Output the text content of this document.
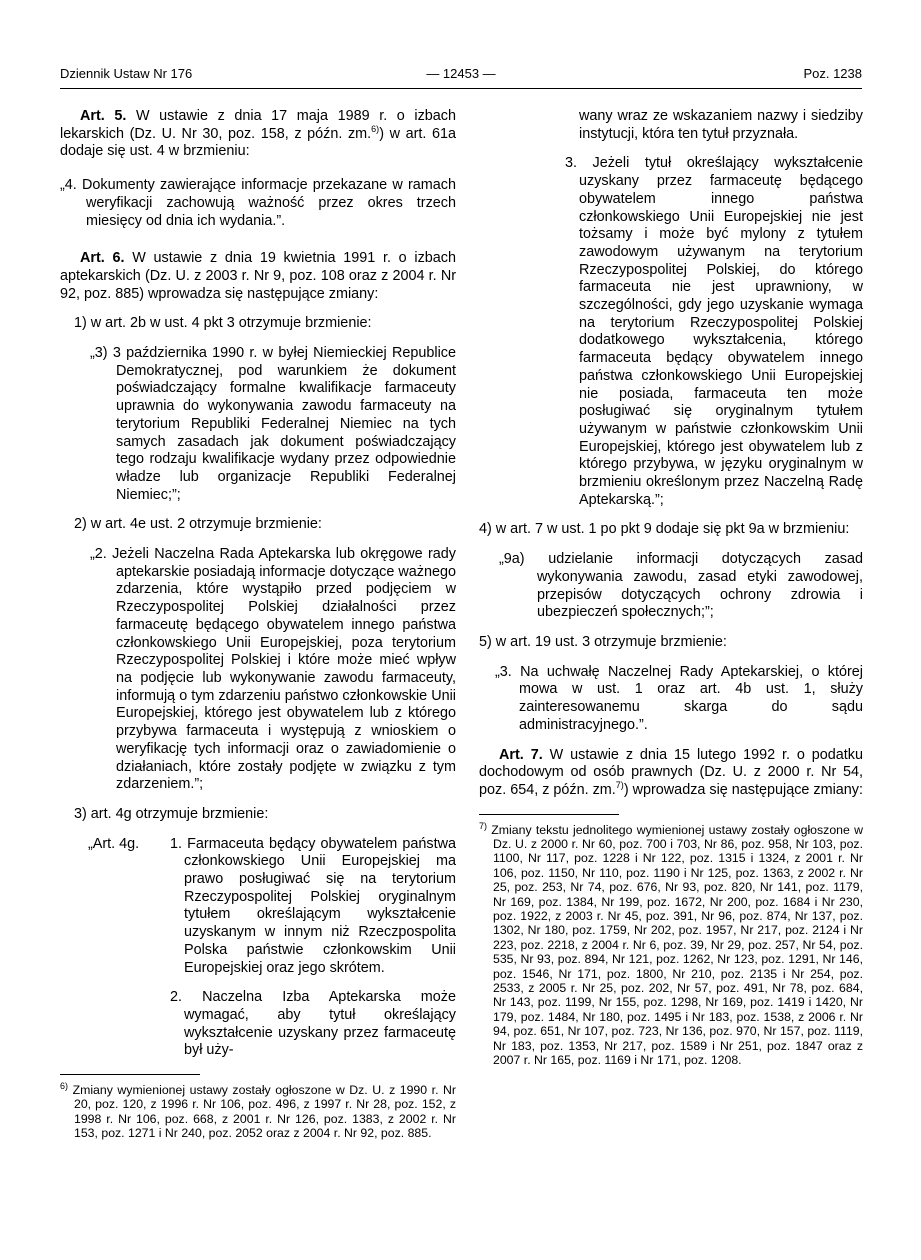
Dziennik Ustaw Nr 176	— 12453 —	Poz. 1238

Art. 5. W ustawie z dnia 17 maja 1989 r. o izbach lekarskich (Dz. U. Nr 30, poz. 158, z późn. zm.$^{6)}$) w art. 61a dodaje się ust. 4 w brzmieniu:

„4. Dokumenty zawierające informacje przekazane w ramach weryfikacji zachowują ważność przez okres trzech miesięcy od dnia ich wydania.”.

Art. 6. W ustawie z dnia 19 kwietnia 1991 r. o izbach aptekarskich (Dz. U. z 2003 r. Nr 9, poz. 108 oraz z 2004 r. Nr 92, poz. 885) wprowadza się następujące zmiany:

1) w art. 2b w ust. 4 pkt 3 otrzymuje brzmienie:

„3) 3 października 1990 r. w byłej Niemieckiej Republice Demokratycznej, pod warunkiem że dokument poświadczający formalne kwalifikacje farmaceuty uprawnia do wykonywania zawodu farmaceuty na terytorium Republiki Federalnej Niemiec na tych samych zasadach jak dokument poświadczający tego rodzaju kwalifikacje wydany przez odpowiednie władze lub organizacje Republiki Federalnej Niemiec;”;

2) w art. 4e ust. 2 otrzymuje brzmienie:

„2. Jeżeli Naczelna Rada Aptekarska lub okręgowe rady aptekarskie posiadają informacje dotyczące ważnego zdarzenia, które wystąpiło przed podjęciem w Rzeczypospolitej Polskiej działalności przez farmaceutę będącego obywatelem innego państwa członkowskiego Unii Europejskiej, poza terytorium Rzeczypospolitej Polskiej i które może mieć wpływ na podjęcie lub wykonywanie zawodu farmaceuty, informują o tym zdarzeniu państwo członkowskie Unii Europejskiej, którego jest obywatelem lub z którego przybywa farmaceuta i występują z wnioskiem o weryfikację tych informacji oraz o zawiadomienie o działaniach, które zostały podjęte w związku z tym zdarzeniem.”;

3) art. 4g otrzymuje brzmienie:

„Art. 4g. 1. Farmaceuta będący obywatelem państwa członkowskiego Unii Europejskiej ma prawo posługiwać się na terytorium Rzeczypospolitej Polskiej oryginalnym tytułem określającym wykształcenie uzyskanym w innym niż Rzeczpospolita Polska państwie członkowskim Unii Europejskiej oraz jego skrótem.

2. Naczelna Izba Aptekarska może wymagać, aby tytuł określający wykształcenie uzyskany przez farmaceutę był uży-

$^{6)}$ Zmiany wymienionej ustawy zostały ogłoszone w Dz. U. z 1990 r. Nr 20, poz. 120, z 1996 r. Nr 106, poz. 496, z 1997 r. Nr 28, poz. 152, z 1998 r. Nr 106, poz. 668, z 2001 r. Nr 126, poz. 1383, z 2002 r. Nr 153, poz. 1271 i Nr 240, poz. 2052 oraz z 2004 r. Nr 92, poz. 885.

wany wraz ze wskazaniem nazwy i siedziby instytucji, która ten tytuł przyznała.

3. Jeżeli tytuł określający wykształcenie uzyskany przez farmaceutę będącego obywatelem innego państwa członkowskiego Unii Europejskiej nie jest tożsamy i może być mylony z tytułem zawodowym używanym na terytorium Rzeczypospolitej Polskiej, do którego farmaceuta nie jest uprawniony, w szczególności, gdy jego uzyskanie wymaga na terytorium Rzeczypospolitej Polskiej dodatkowego wykształcenia, którego farmaceuta będący obywatelem innego państwa członkowskiego Unii Europejskiej nie posiada, farmaceuta ten może posługiwać się oryginalnym tytułem używanym w państwie członkowskim Unii Europejskiej, którego jest obywatelem lub z którego przybywa, w języku oryginalnym w brzmieniu określonym przez Naczelną Radę Aptekarską.”;

4) w art. 7 w ust. 1 po pkt 9 dodaje się pkt 9a w brzmieniu:

„9a) udzielanie informacji dotyczących zasad wykonywania zawodu, zasad etyki zawodowej, przepisów dotyczących ochrony zdrowia i ubezpieczeń społecznych;”;

5) w art. 19 ust. 3 otrzymuje brzmienie:

„3. Na uchwałę Naczelnej Rady Aptekarskiej, o której mowa w ust. 1 oraz art. 4b ust. 1, służy zainteresowanemu skarga do sądu administracyjnego.”.

Art. 7. W ustawie z dnia 15 lutego 1992 r. o podatku dochodowym od osób prawnych (Dz. U. z 2000 r. Nr 54, poz. 654, z późn. zm.$^{7)}$) wprowadza się następujące zmiany:

$^{7)}$ Zmiany tekstu jednolitego wymienionej ustawy zostały ogłoszone w Dz. U. z 2000 r. Nr 60, poz. 700 i 703, Nr 86, poz. 958, Nr 103, poz. 1100, Nr 117, poz. 1228 i Nr 122, poz. 1315 i 1324, z 2001 r. Nr 106, poz. 1150, Nr 110, poz. 1190 i Nr 125, poz. 1363, z 2002 r. Nr 25, poz. 253, Nr 74, poz. 676, Nr 93, poz. 820, Nr 141, poz. 1179, Nr 169, poz. 1384, Nr 199, poz. 1672, Nr 200, poz. 1684 i Nr 230, poz. 1922, z 2003 r. Nr 45, poz. 391, Nr 96, poz. 874, Nr 137, poz. 1302, Nr 180, poz. 1759, Nr 202, poz. 1957, Nr 217, poz. 2124 i Nr 223, poz. 2218, z 2004 r. Nr 6, poz. 39, Nr 29, poz. 257, Nr 54, poz. 535, Nr 93, poz. 894, Nr 121, poz. 1262, Nr 123, poz. 1291, Nr 146, poz. 1546, Nr 171, poz. 1800, Nr 210, poz. 2135 i Nr 254, poz. 2533, z 2005 r. Nr 25, poz. 202, Nr 57, poz. 491, Nr 78, poz. 684, Nr 143, poz. 1199, Nr 155, poz. 1298, Nr 169, poz. 1419 i 1420, Nr 179, poz. 1484, Nr 180, poz. 1495 i Nr 183, poz. 1538, z 2006 r. Nr 94, poz. 651, Nr 107, poz. 723, Nr 136, poz. 970, Nr 157, poz. 1119, Nr 183, poz. 1353, Nr 217, poz. 1589 i Nr 251, poz. 1847 oraz z 2007 r. Nr 165, poz. 1169 i Nr 171, poz. 1208.
